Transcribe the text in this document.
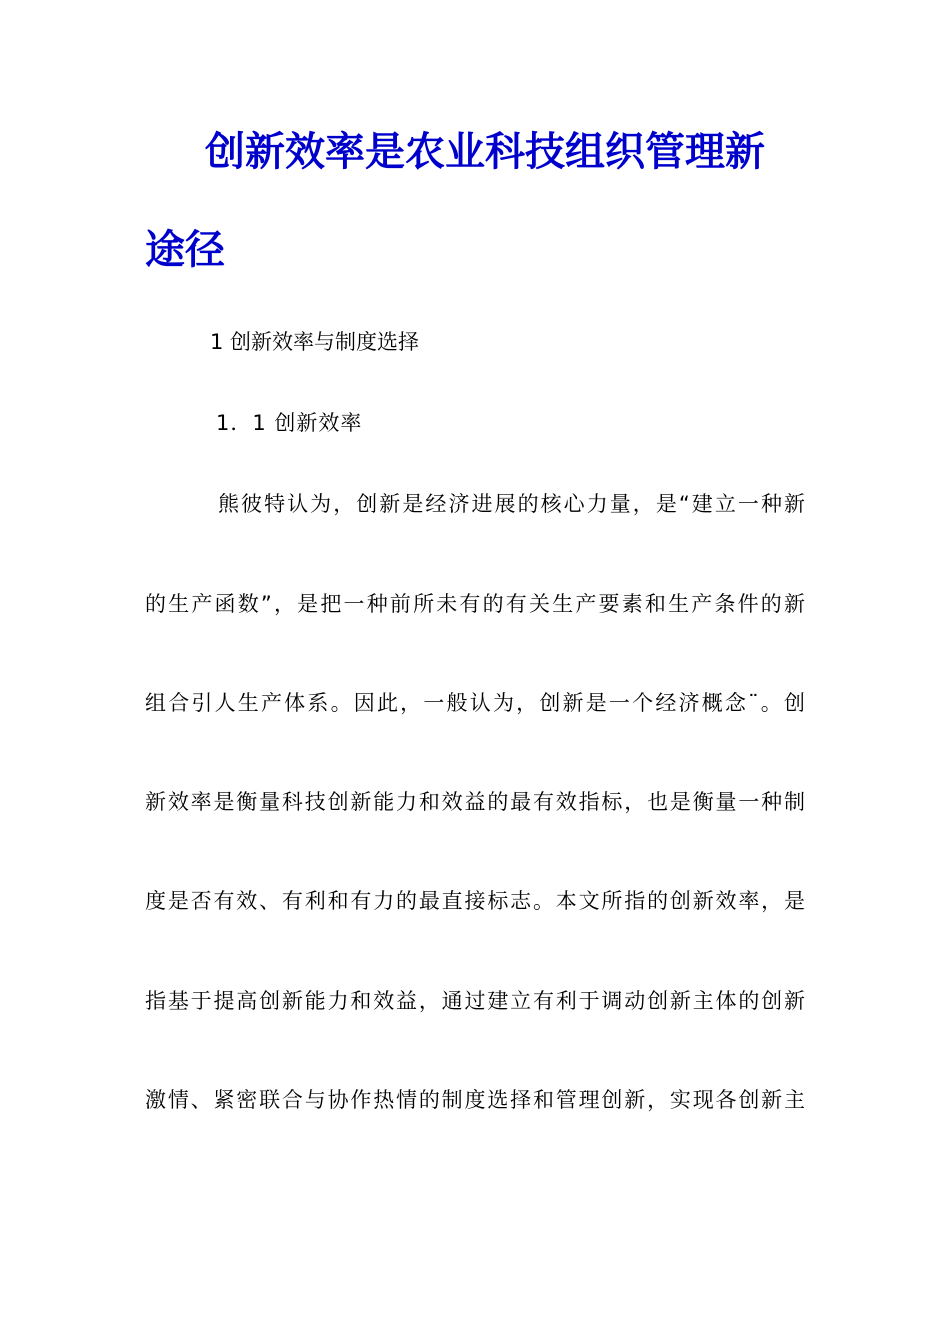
创新效率是农业科技组织管理新
途径

1 创新效率与制度选择

1．1 创新效率

熊彼特认为，创新是经济进展的核心力量，是“建立一种新

的生产函数”，是把一种前所未有的有关生产要素和生产条件的新

组合引人生产体系。因此，一般认为，创新是一个经济概念¨。创

新效率是衡量科技创新能力和效益的最有效指标，也是衡量一种制

度是否有效、有利和有力的最直接标志。本文所指的创新效率，是

指基于提高创新能力和效益，通过建立有利于调动创新主体的创新

激情、紧密联合与协作热情的制度选择和管理创新，实现各创新主
